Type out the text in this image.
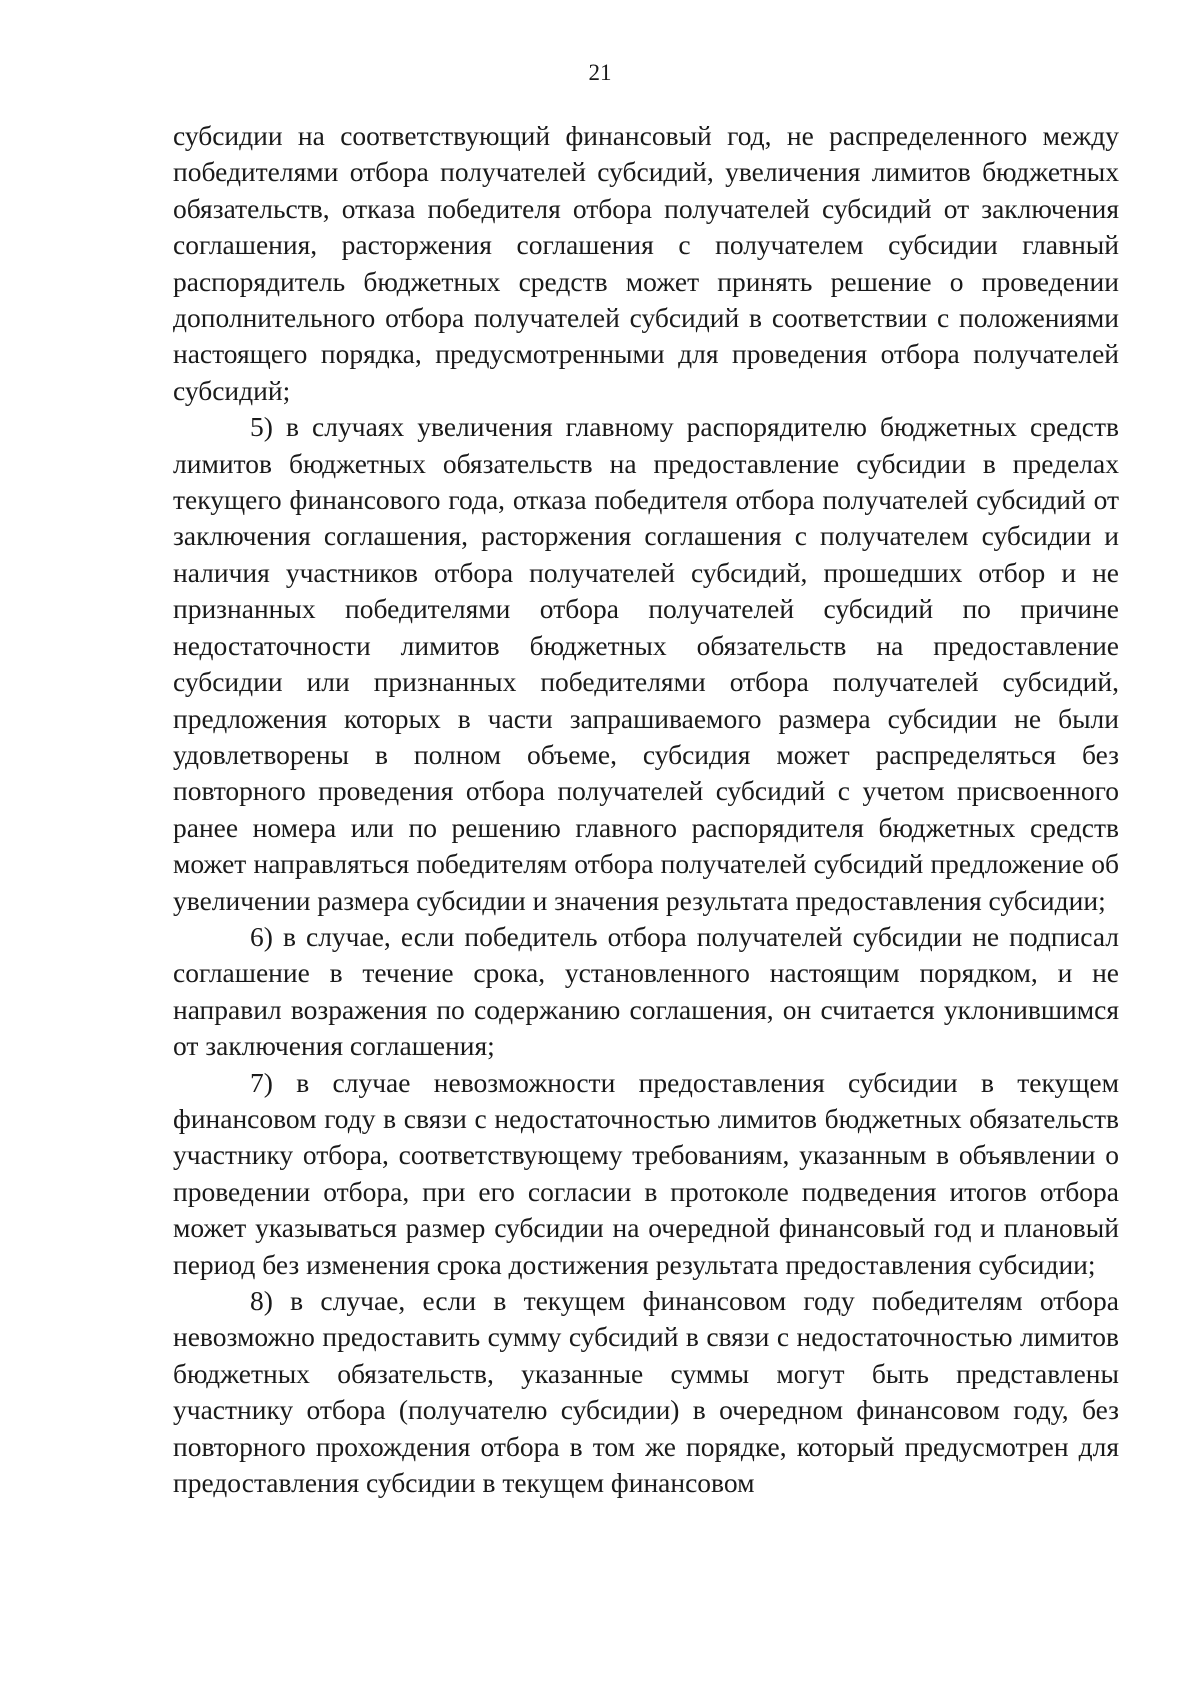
21

субсидии на соответствующий финансовый год, не распределенного между победителями отбора получателей субсидий, увеличения лимитов бюджетных обязательств, отказа победителя отбора получателей субсидий от заключения соглашения, расторжения соглашения с получателем субсидии главный распорядитель бюджетных средств может принять решение о проведении дополнительного отбора получателей субсидий в соответствии с положениями настоящего порядка, предусмотренными для проведения отбора получателей субсидий;

5) в случаях увеличения главному распорядителю бюджетных средств лимитов бюджетных обязательств на предоставление субсидии в пределах текущего финансового года, отказа победителя отбора получателей субсидий от заключения соглашения, расторжения соглашения с получателем субсидии и наличия участников отбора получателей субсидий, прошедших отбор и не признанных победителями отбора получателей субсидий по причине недостаточности лимитов бюджетных обязательств на предоставление субсидии или признанных победителями отбора получателей субсидий, предложения которых в части запрашиваемого размера субсидии не были удовлетворены в полном объеме, субсидия может распределяться без повторного проведения отбора получателей субсидий с учетом присвоенного ранее номера или по решению главного распорядителя бюджетных средств может направляться победителям отбора получателей субсидий предложение об увеличении размера субсидии и значения результата предоставления субсидии;

6) в случае, если победитель отбора получателей субсидии не подписал соглашение в течение срока, установленного настоящим порядком, и не направил возражения по содержанию соглашения, он считается уклонившимся от заключения соглашения;

7) в случае невозможности предоставления субсидии в текущем финансовом году в связи с недостаточностью лимитов бюджетных обязательств участнику отбора, соответствующему требованиям, указанным в объявлении о проведении отбора, при его согласии в протоколе подведения итогов отбора может указываться размер субсидии на очередной финансовый год и плановый период без изменения срока достижения результата предоставления субсидии;

8) в случае, если в текущем финансовом году победителям отбора невозможно предоставить сумму субсидий в связи с недостаточностью лимитов бюджетных обязательств, указанные суммы могут быть представлены участнику отбора (получателю субсидии) в очередном финансовом году, без повторного прохождения отбора в том же порядке, который предусмотрен для предоставления субсидии в текущем финансовом
